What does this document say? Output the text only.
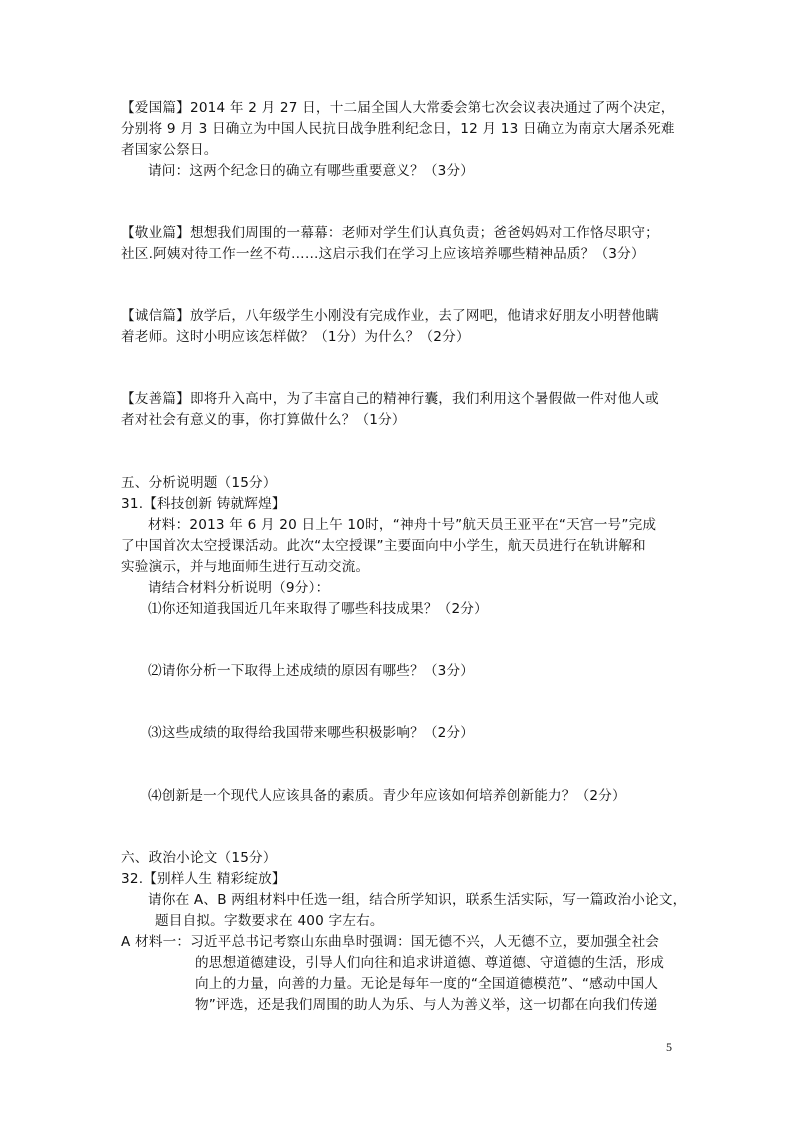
【爱国篇】2014 年 2 月 27 日，十二届全国人大常委会第七次会议表决通过了两个决定，
分别将 9 月 3 日确立为中国人民抗日战争胜利纪念日，12 月 13 日确立为南京大屠杀死难
者国家公祭日。
请问：这两个纪念日的确立有哪些重要意义？（3分）
【敬业篇】想想我们周围的一幕幕：老师对学生们认真负责；爸爸妈妈对工作恪尽职守；
社区.阿姨对待工作一丝不苟……这启示我们在学习上应该培养哪些精神品质？（3分）
【诚信篇】放学后，八年级学生小刚没有完成作业，去了网吧，他请求好朋友小明替他瞒
着老师。这时小明应该怎样做？（1分）为什么？（2分）
【友善篇】即将升入高中，为了丰富自己的精神行囊，我们利用这个暑假做一件对他人或
者对社会有意义的事，你打算做什么？（1分）
五、分析说明题（15分）
31.【科技创新 铸就辉煌】
材料：2013 年 6 月 20 日上午 10时，“神舟十号”航天员王亚平在“天宫一号”完成
了中国首次太空授课活动。此次“太空授课”主要面向中小学生，航天员进行在轨讲解和
实验演示，并与地面师生进行互动交流。
请结合材料分析说明（9分）：
⑴你还知道我国近几年来取得了哪些科技成果？（2分）
⑵请你分析一下取得上述成绩的原因有哪些？（3分）
⑶这些成绩的取得给我国带来哪些积极影响？（2分）
⑷创新是一个现代人应该具备的素质。青少年应该如何培养创新能力？（2分）
六、政治小论文（15分）
32.【别样人生 精彩绽放】
请你在 A、B 两组材料中任选一组，结合所学知识，联系生活实际，写一篇政治小论文，
题目自拟。字数要求在 400 字左右。
A 材料一：习近平总书记考察山东曲阜时强调：国无德不兴，人无德不立，要加强全社会
的思想道德建设，引导人们向往和追求讲道德、尊道德、守道德的生活，形成
向上的力量，向善的力量。无论是每年一度的“全国道德模范”、“感动中国人
物”评选，还是我们周围的助人为乐、与人为善义举，这一切都在向我们传递
5
